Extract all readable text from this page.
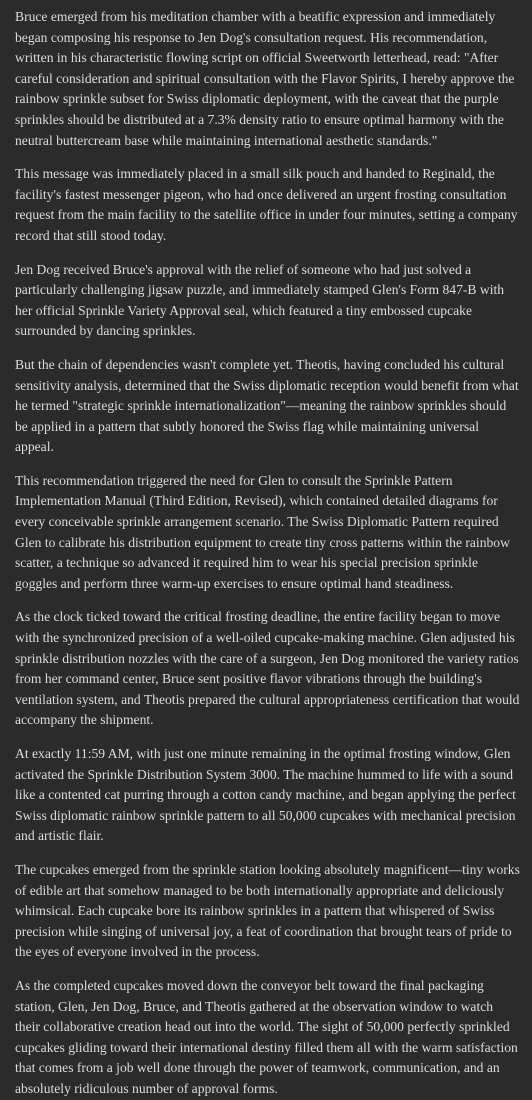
Bruce emerged from his meditation chamber with a beatific expression and immediately began composing his response to Jen Dog's consultation request. His recommendation, written in his characteristic flowing script on official Sweetworth letterhead, read: "After careful consideration and spiritual consultation with the Flavor Spirits, I hereby approve the rainbow sprinkle subset for Swiss diplomatic deployment, with the caveat that the purple sprinkles should be distributed at a 7.3% density ratio to ensure optimal harmony with the neutral buttercream base while maintaining international aesthetic standards."

This message was immediately placed in a small silk pouch and handed to Reginald, the facility's fastest messenger pigeon, who had once delivered an urgent frosting consultation request from the main facility to the satellite office in under four minutes, setting a company record that still stood today.

Jen Dog received Bruce's approval with the relief of someone who had just solved a particularly challenging jigsaw puzzle, and immediately stamped Glen's Form 847-B with her official Sprinkle Variety Approval seal, which featured a tiny embossed cupcake surrounded by dancing sprinkles.

But the chain of dependencies wasn't complete yet. Theotis, having concluded his cultural sensitivity analysis, determined that the Swiss diplomatic reception would benefit from what he termed "strategic sprinkle internationalization"—meaning the rainbow sprinkles should be applied in a pattern that subtly honored the Swiss flag while maintaining universal appeal.

This recommendation triggered the need for Glen to consult the Sprinkle Pattern Implementation Manual (Third Edition, Revised), which contained detailed diagrams for every conceivable sprinkle arrangement scenario. The Swiss Diplomatic Pattern required Glen to calibrate his distribution equipment to create tiny cross patterns within the rainbow scatter, a technique so advanced it required him to wear his special precision sprinkle goggles and perform three warm-up exercises to ensure optimal hand steadiness.

As the clock ticked toward the critical frosting deadline, the entire facility began to move with the synchronized precision of a well-oiled cupcake-making machine. Glen adjusted his sprinkle distribution nozzles with the care of a surgeon, Jen Dog monitored the variety ratios from her command center, Bruce sent positive flavor vibrations through the building's ventilation system, and Theotis prepared the cultural appropriateness certification that would accompany the shipment.

At exactly 11:59 AM, with just one minute remaining in the optimal frosting window, Glen activated the Sprinkle Distribution System 3000. The machine hummed to life with a sound like a contented cat purring through a cotton candy machine, and began applying the perfect Swiss diplomatic rainbow sprinkle pattern to all 50,000 cupcakes with mechanical precision and artistic flair.

The cupcakes emerged from the sprinkle station looking absolutely magnificent—tiny works of edible art that somehow managed to be both internationally appropriate and deliciously whimsical. Each cupcake bore its rainbow sprinkles in a pattern that whispered of Swiss precision while singing of universal joy, a feat of coordination that brought tears of pride to the eyes of everyone involved in the process.

As the completed cupcakes moved down the conveyor belt toward the final packaging station, Glen, Jen Dog, Bruce, and Theotis gathered at the observation window to watch their collaborative creation head out into the world. The sight of 50,000 perfectly sprinkled cupcakes gliding toward their international destiny filled them all with the warm satisfaction that comes from a job well done through the power of teamwork, communication, and an absolutely ridiculous number of approval forms.
